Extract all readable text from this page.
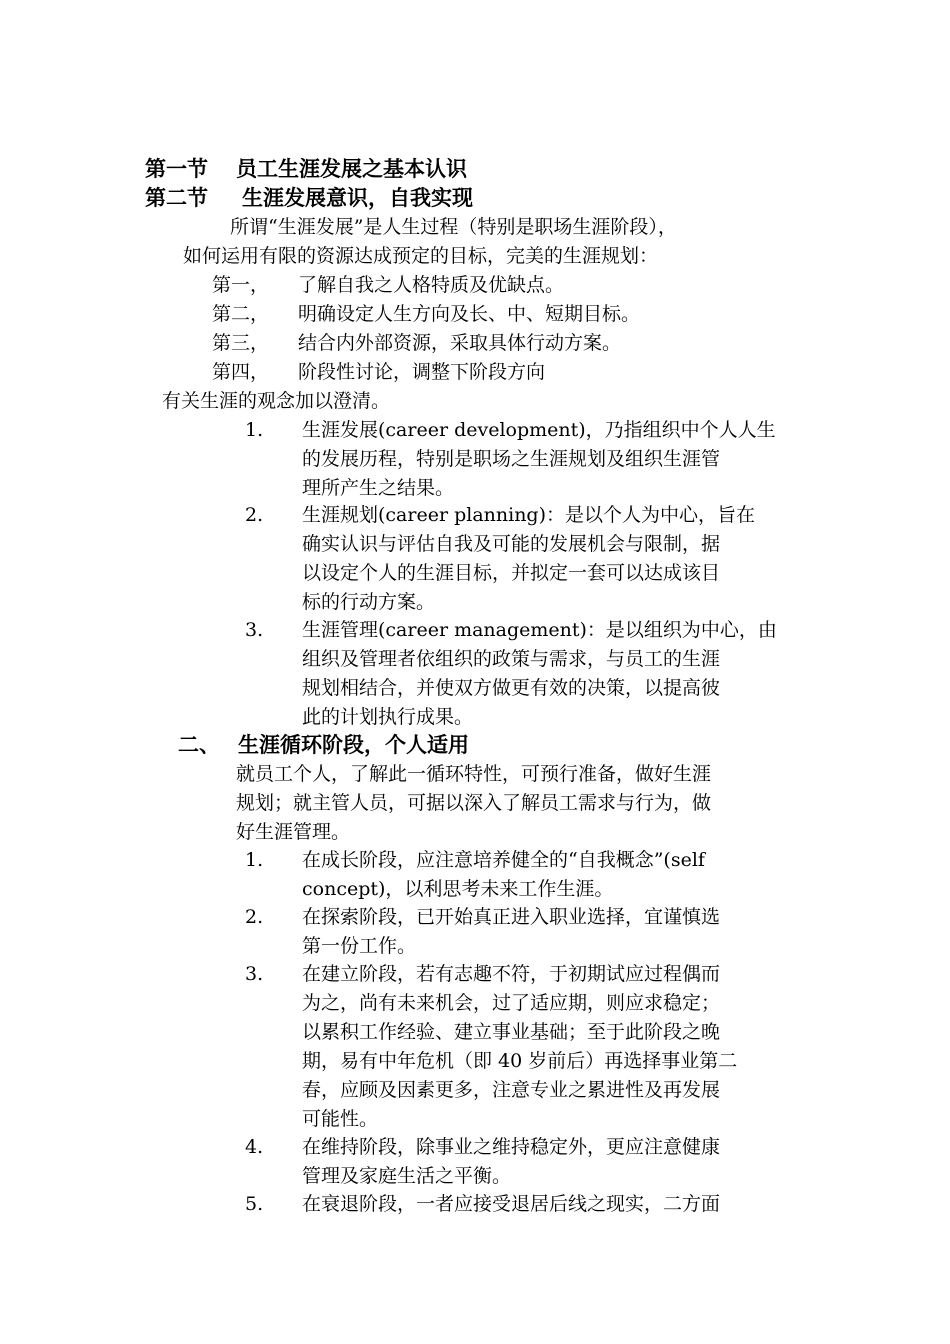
第一节 员工生涯发展之基本认识
第二节 生涯发展意识，自我实现
所谓“生涯发展”是人生过程（特别是职场生涯阶段），
如何运用有限的资源达成预定的目标，完美的生涯规划：
第一， 了解自我之人格特质及优缺点。
第二， 明确设定人生方向及长、中、短期目标。
第三， 结合内外部资源，采取具体行动方案。
第四， 阶段性讨论，调整下阶段方向
有关生涯的观念加以澄清。
1. 生涯发展(career development)，乃指组织中个人人生
的发展历程，特别是职场之生涯规划及组织生涯管
理所产生之结果。
2. 生涯规划(career planning)：是以个人为中心，旨在
确实认识与评估自我及可能的发展机会与限制，据
以设定个人的生涯目标，并拟定一套可以达成该目
标的行动方案。
3. 生涯管理(career management)：是以组织为中心，由
组织及管理者依组织的政策与需求，与员工的生涯
规划相结合，并使双方做更有效的决策，以提高彼
此的计划执行成果。
二、 生涯循环阶段，个人适用
就员工个人，了解此一循环特性，可预行准备，做好生涯
规划；就主管人员，可据以深入了解员工需求与行为，做
好生涯管理。
1. 在成长阶段，应注意培养健全的“自我概念”(self
concept)，以利思考未来工作生涯。
2. 在探索阶段，已开始真正进入职业选择，宜谨慎选
第一份工作。
3. 在建立阶段，若有志趣不符，于初期试应过程偶而
为之，尚有未来机会，过了适应期，则应求稳定；
以累积工作经验、建立事业基础；至于此阶段之晚
期，易有中年危机（即 40 岁前后）再选择事业第二
春，应顾及因素更多，注意专业之累进性及再发展
可能性。
4. 在维持阶段，除事业之维持稳定外，更应注意健康
管理及家庭生活之平衡。
5. 在衰退阶段，一者应接受退居后线之现实，二方面
